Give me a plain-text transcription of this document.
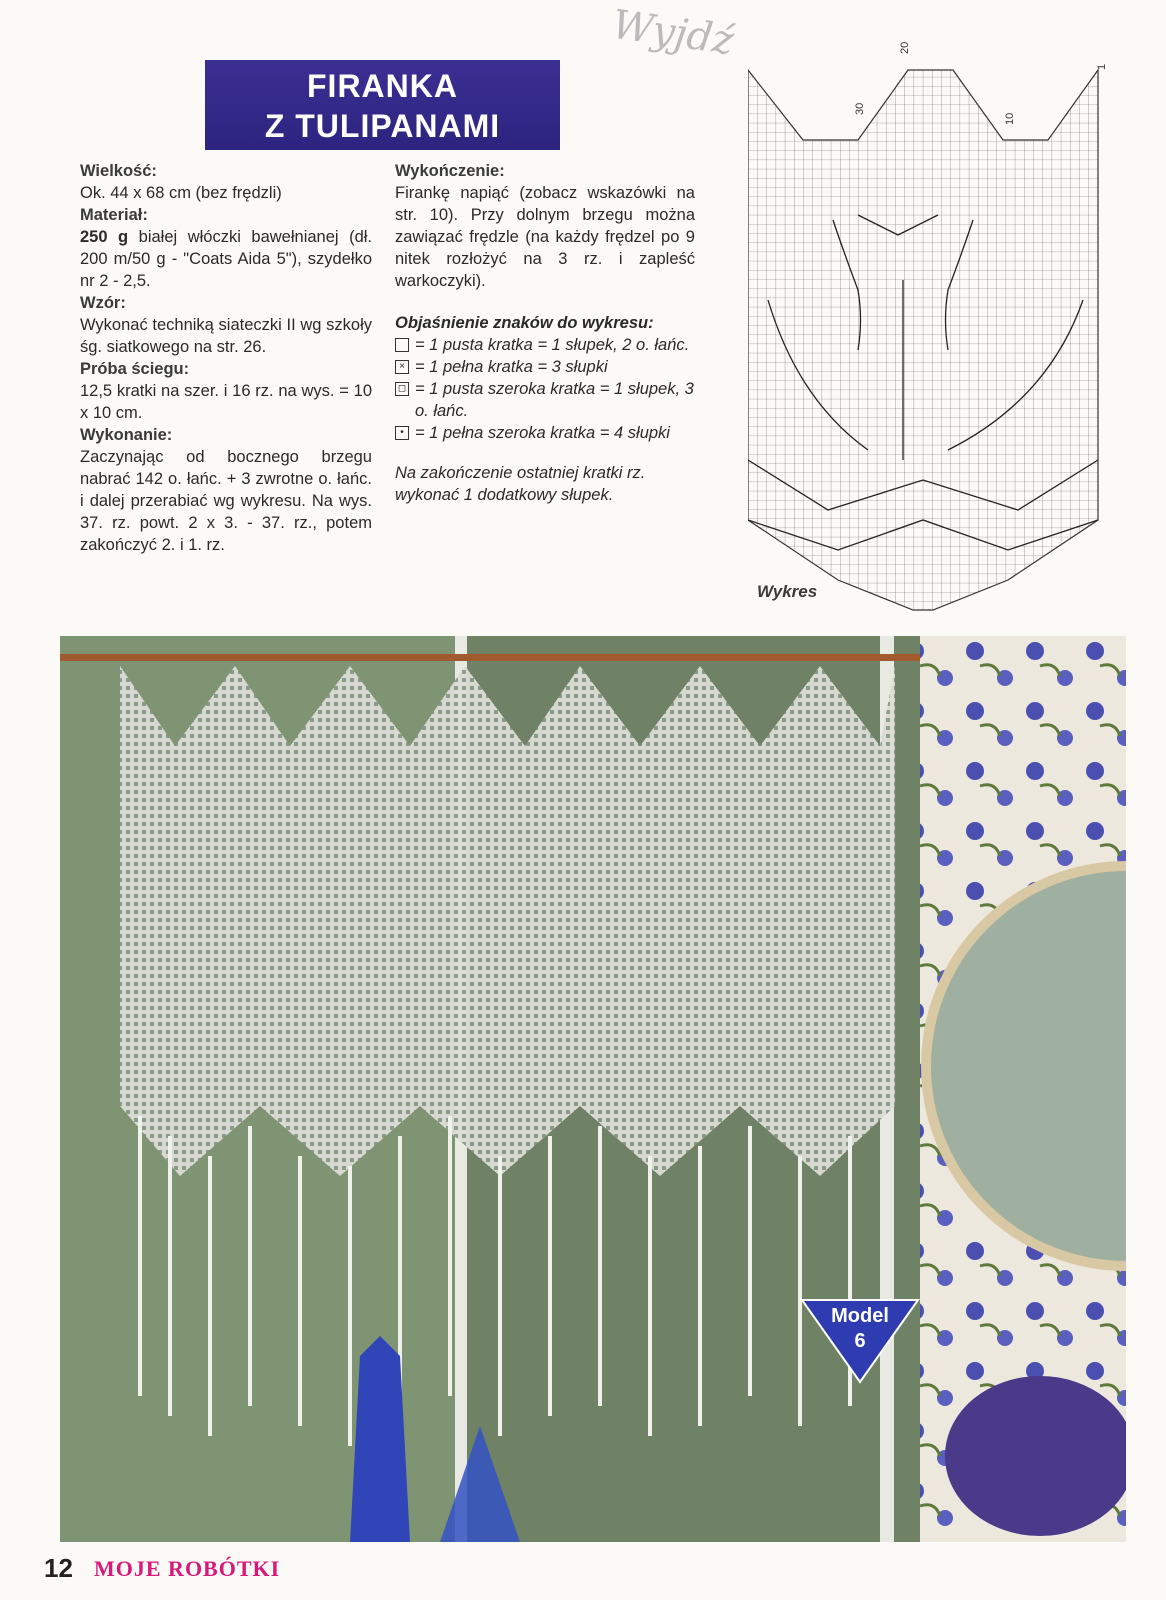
Wyjdź
FIRANKA
Z TULIPANAMI
Wielkość:
Ok. 44 x 68 cm (bez frędzli)
Materiał:
250 g białej włóczki bawełnianej (dł. 200 m/50 g - "Coats Aida 5"), szydełko nr 2 - 2,5.
Wzór:
Wykonać techniką siateczki II wg szkoły śg. siatkowego na str. 26.
Próba ściegu:
12,5 kratki na szer. i 16 rz. na wys. = 10 x 10 cm.
Wykonanie:
Zaczynając od bocznego brzegu nabrać 142 o. łańc. + 3 zwrotne o. łańc. i dalej przerabiać wg wykresu. Na wys. 37. rz. powt. 2 x 3. - 37. rz., potem zakończyć 2. i 1. rz.
Wykończenie:
Firankę napiąć (zobacz wskazówki na str. 10). Przy dolnym brzegu można zawiązać frędzle (na każdy frędzel po 9 nitek rozłożyć na 3 rz. i zapleść warkoczyki).
Objaśnienie znaków do wykresu:
= 1 pusta kratka = 1 słupek, 2 o. łańc.
× = 1 pełna kratka = 3 słupki
◻ = 1 pusta szeroka kratka = 1 słupek, 3 o. łańc.
• = 1 pełna szeroka kratka = 4 słupki
Na zakończenie ostatniej kratki rz. wykonać 1 dodatkowy słupek.
30
20
10
1
Wykres
Model
6
12 MOJE ROBÓTKI
